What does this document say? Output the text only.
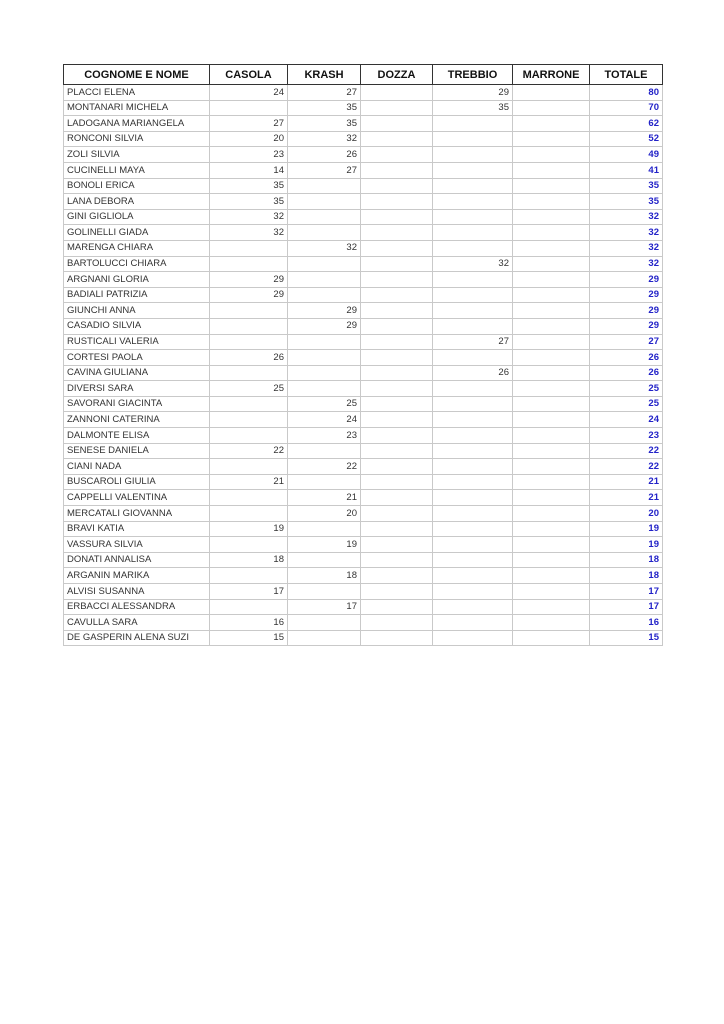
COGNOME E NOME	CASOLA	KRASH	DOZZA	TREBBIO	MARRONE	TOTALE
PLACCI ELENA	24	27		29		80
MONTANARI MICHELA		35		35		70
LADOGANA MARIANGELA	27	35				62
RONCONI SILVIA	20	32				52
ZOLI SILVIA	23	26				49
CUCINELLI MAYA	14	27				41
BONOLI ERICA	35					35
LANA DEBORA	35					35
GINI GIGLIOLA	32					32
GOLINELLI GIADA	32					32
MARENGA CHIARA		32				32
BARTOLUCCI CHIARA				32		32
ARGNANI GLORIA	29					29
BADIALI PATRIZIA	29					29
GIUNCHI ANNA		29				29
CASADIO SILVIA		29				29
RUSTICALI VALERIA				27		27
CORTESI PAOLA	26					26
CAVINA GIULIANA				26		26
DIVERSI SARA	25					25
SAVORANI GIACINTA		25				25
ZANNONI CATERINA		24				24
DALMONTE ELISA		23				23
SENESE DANIELA	22					22
CIANI NADA		22				22
BUSCAROLI GIULIA	21					21
CAPPELLI VALENTINA		21				21
MERCATALI GIOVANNA		20				20
BRAVI KATIA	19					19
VASSURA SILVIA		19				19
DONATI ANNALISA	18					18
ARGANIN MARIKA		18				18
ALVISI SUSANNA	17					17
ERBACCI ALESSANDRA		17				17
CAVULLA SARA	16					16
DE GASPERIN ALENA SUZI	15					15
